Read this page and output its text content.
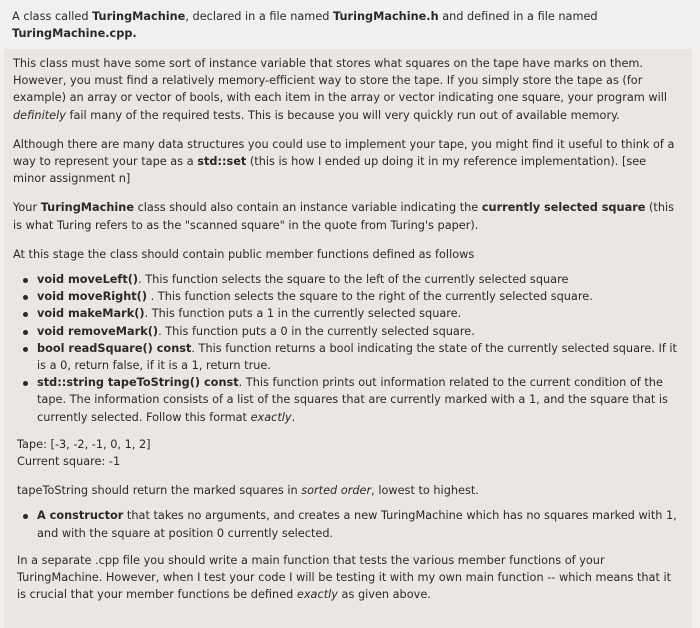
A class called TuringMachine, declared in a file named TuringMachine.h and defined in a file named TuringMachine.cpp.

This class must have some sort of instance variable that stores what squares on the tape have marks on them. However, you must find a relatively memory-efficient way to store the tape. If you simply store the tape as (for example) an array or vector of bools, with each item in the array or vector indicating one square, your program will definitely fail many of the required tests. This is because you will very quickly run out of available memory.

Although there are many data structures you could use to implement your tape, you might find it useful to think of a way to represent your tape as a std::set (this is how I ended up doing it in my reference implementation). [see minor assignment n]

Your TuringMachine class should also contain an instance variable indicating the currently selected square (this is what Turing refers to as the "scanned square" in the quote from Turing's paper).

At this stage the class should contain public member functions defined as follows

void moveLeft(). This function selects the square to the left of the currently selected square
void moveRight() . This function selects the square to the right of the currently selected square.
void makeMark(). This function puts a 1 in the currently selected square.
void removeMark(). This function puts a 0 in the currently selected square.
bool readSquare() const. This function returns a bool indicating the state of the currently selected square. If it is a 0, return false, if it is a 1, return true.
std::string tapeToString() const. This function prints out information related to the current condition of the tape. The information consists of a list of the squares that are currently marked with a 1, and the square that is currently selected. Follow this format exactly.

Tape: [-3, -2, -1, 0, 1, 2]

Current square: -1

tapeToString should return the marked squares in sorted order, lowest to highest.

A constructor that takes no arguments, and creates a new TuringMachine which has no squares marked with 1, and with the square at position 0 currently selected.

In a separate .cpp file you should write a main function that tests the various member functions of your TuringMachine. However, when I test your code I will be testing it with my own main function -- which means that it is crucial that your member functions be defined exactly as given above.
